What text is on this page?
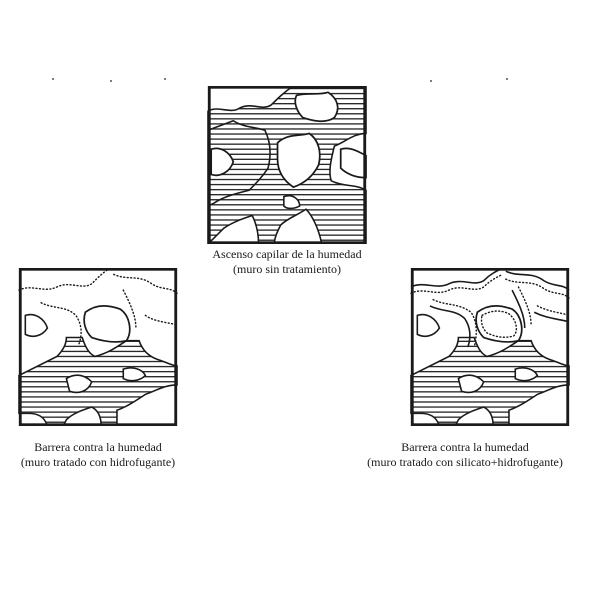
Ascenso capilar de la humedad
(muro sin tratamiento)
Barrera contra la humedad
(muro tratado con hidrofugante)
Barrera contra la humedad
(muro tratado con silicato+hidrofugante)
